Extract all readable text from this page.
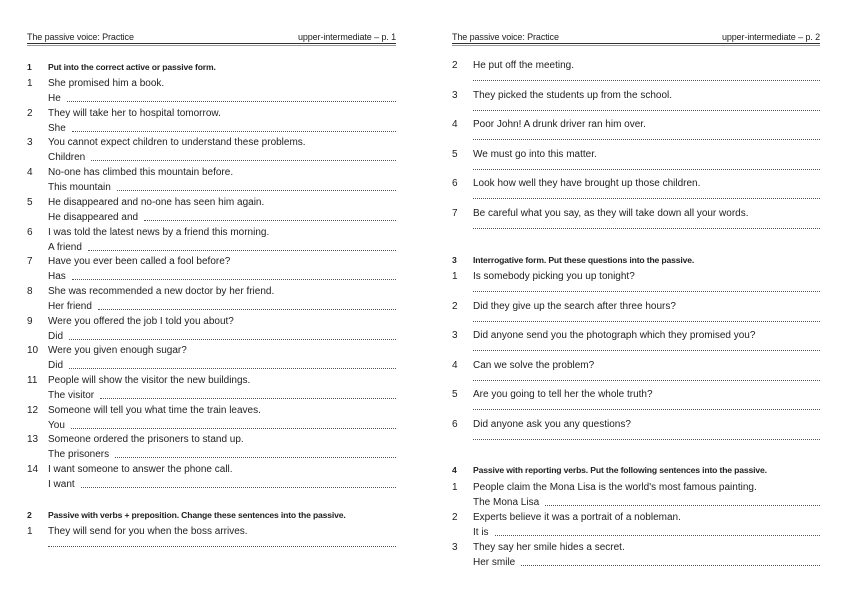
The passive voice: Practice	upper-intermediate – p. 1
1	Put into the correct active or passive form.
1	She promised him a book.
He
2	They will take her to hospital tomorrow.
She
3	You cannot expect children to understand these problems.
Children
4	No-one has climbed this mountain before.
This mountain
5	He disappeared and no-one has seen him again.
He disappeared and
6	I was told the latest news by a friend this morning.
A friend
7	Have you ever been called a fool before?
Has
8	She was recommended a new doctor by her friend.
Her friend
9	Were you offered the job I told you about?
Did
10 Were you given enough sugar?
Did
11	People will show the visitor the new buildings.
The visitor
12 Someone will tell you what time the train leaves.
You
13 Someone ordered the prisoners to stand up.
The prisoners
14 I want someone to answer the phone call.
I want
2	Passive with verbs + preposition. Change these sentences into the passive.
1	They will send for you when the boss arrives.
The passive voice: Practice	upper-intermediate – p. 2
2	He put off the meeting.
3	They picked the students up from the school.
4	Poor John! A drunk driver ran him over.
5	We must go into this matter.
6	Look how well they have brought up those children.
7	Be careful what you say, as they will take down all your words.
3	Interrogative form. Put these questions into the passive.
1	Is somebody picking you up tonight?
2	Did they give up the search after three hours?
3	Did anyone send you the photograph which they promised you?
4	Can we solve the problem?
5	Are you going to tell her the whole truth?
6	Did anyone ask you any questions?
4	Passive with reporting verbs. Put the following sentences into the passive.
1	People claim the Mona Lisa is the world's most famous painting.
The Mona Lisa
2	Experts believe it was a portrait of a nobleman.
It is
3	They say her smile hides a secret.
Her smile
